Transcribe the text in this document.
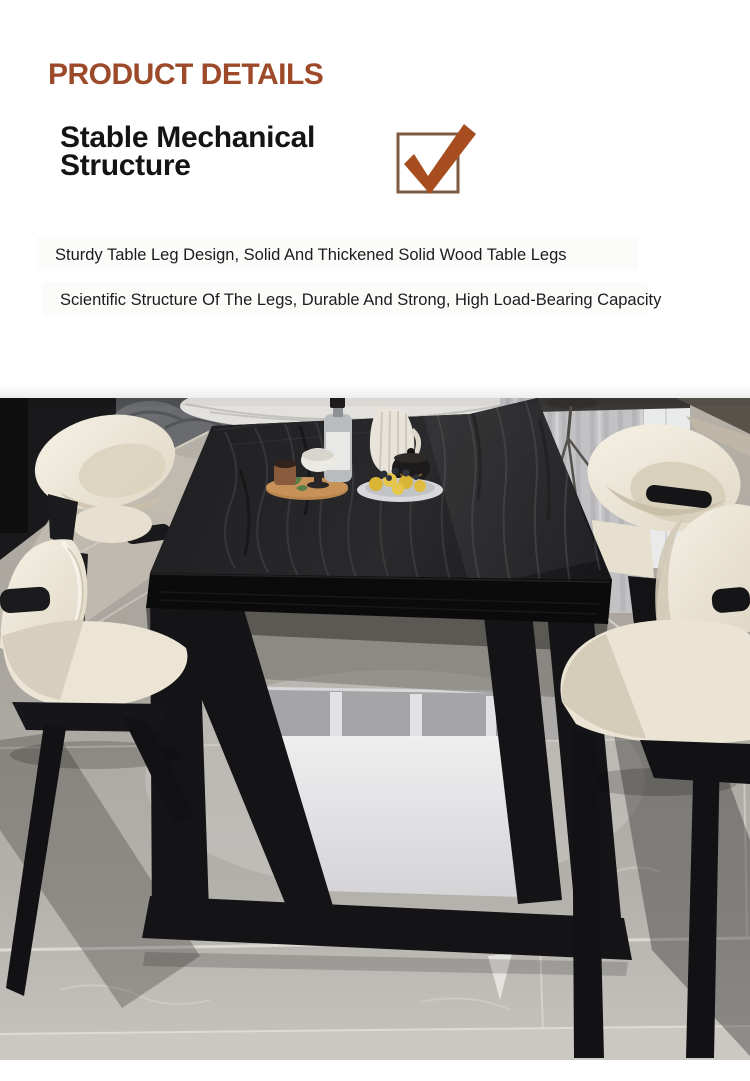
PRODUCT DETAILS
Stable Mechanical
Structure
Sturdy Table Leg Design, Solid And Thickened Solid Wood Table Legs
Scientific Structure Of The Legs, Durable And Strong, High Load-Bearing Capacity
